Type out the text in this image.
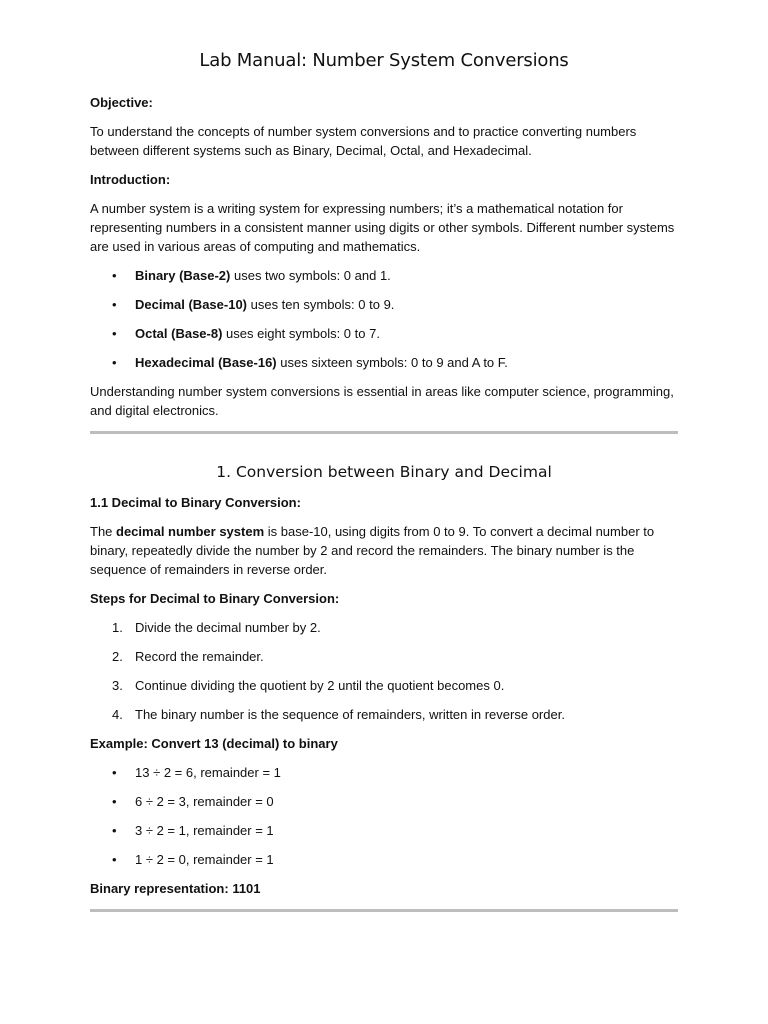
Lab Manual: Number System Conversions

Objective:

To understand the concepts of number system conversions and to practice converting numbers between different systems such as Binary, Decimal, Octal, and Hexadecimal.

Introduction:

A number system is a writing system for expressing numbers; it’s a mathematical notation for representing numbers in a consistent manner using digits or other symbols. Different number systems are used in various areas of computing and mathematics.

• Binary (Base-2) uses two symbols: 0 and 1.
• Decimal (Base-10) uses ten symbols: 0 to 9.
• Octal (Base-8) uses eight symbols: 0 to 7.
• Hexadecimal (Base-16) uses sixteen symbols: 0 to 9 and A to F.

Understanding number system conversions is essential in areas like computer science, programming, and digital electronics.

1. Conversion between Binary and Decimal

1.1 Decimal to Binary Conversion:

The decimal number system is base-10, using digits from 0 to 9. To convert a decimal number to binary, repeatedly divide the number by 2 and record the remainders. The binary number is the sequence of remainders in reverse order.

Steps for Decimal to Binary Conversion:

1. Divide the decimal number by 2.
2. Record the remainder.
3. Continue dividing the quotient by 2 until the quotient becomes 0.
4. The binary number is the sequence of remainders, written in reverse order.

Example: Convert 13 (decimal) to binary

• 13 ÷ 2 = 6, remainder = 1
• 6 ÷ 2 = 3, remainder = 0
• 3 ÷ 2 = 1, remainder = 1
• 1 ÷ 2 = 0, remainder = 1

Binary representation: 1101
